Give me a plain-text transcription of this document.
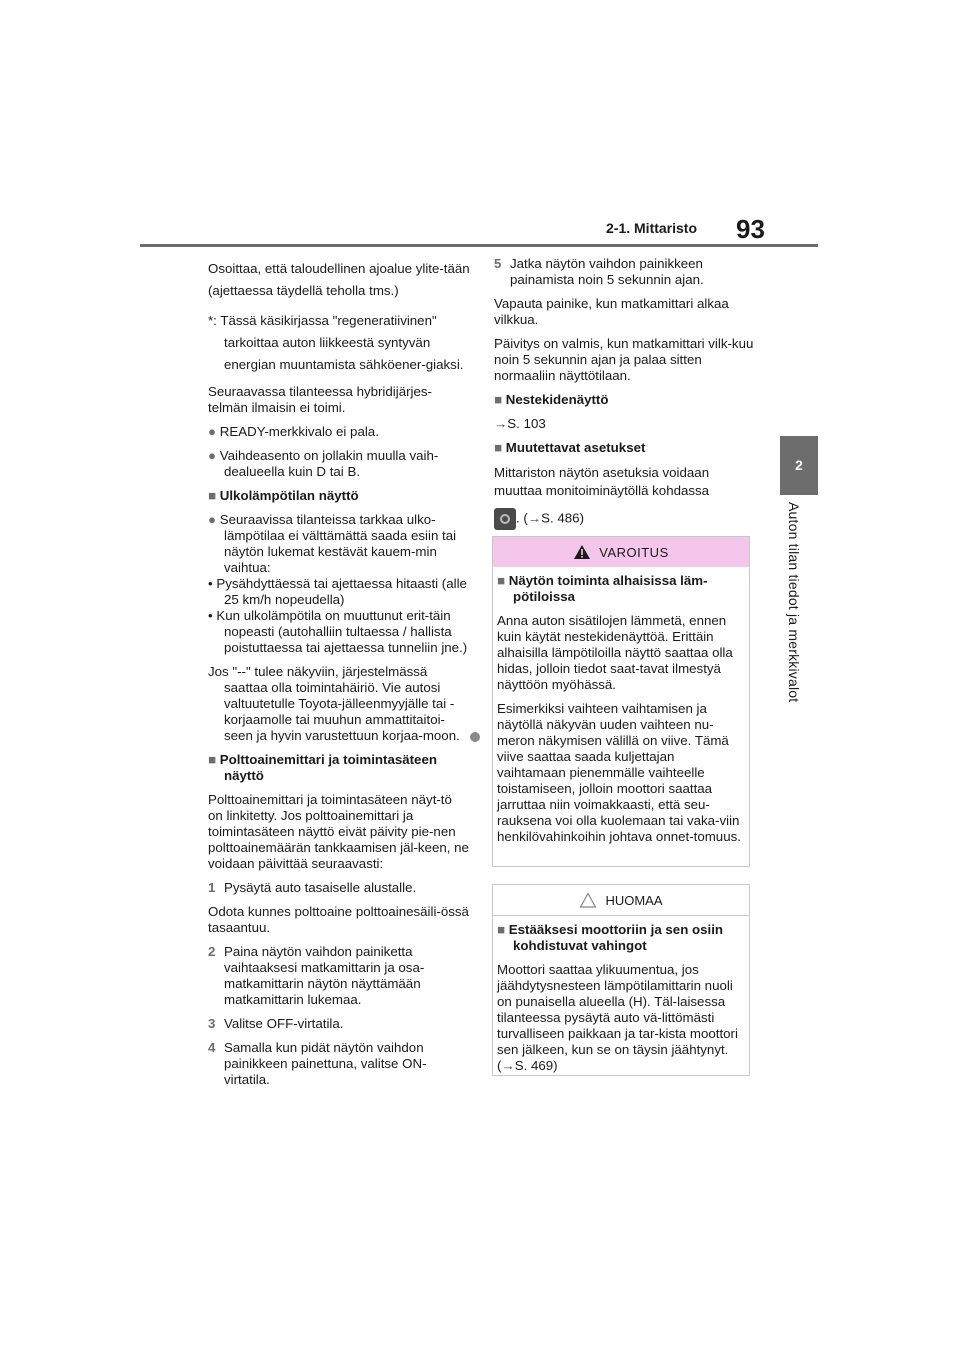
2-1. Mittaristo 93
2
Auton tilan tiedot ja merkkivalot

Osoittaa, että taloudellinen ajoalue ylite-tään (ajettaessa täydellä teholla tms.)

*: Tässä käsikirjassa "regeneratiivinen" tarkoittaa auton liikkeestä syntyvän energian muuntamista sähköener-giaksi.

Seuraavassa tilanteessa hybridijärjes-telmän ilmaisin ei toimi.

● READY-merkkivalo ei pala.

● Vaihdeasento on jollakin muulla vaih-dealueella kuin D tai B.

■ Ulkolämpötilan näyttö

● Seuraavissa tilanteissa tarkkaa ulko-lämpötilaa ei välttämättä saada esiin tai näytön lukemat kestävät kauem-min vaihtua:

• Pysähdyttäessä tai ajettaessa hitaasti (alle 25 km/h nopeudella)

• Kun ulkolämpötila on muuttunut erit-täin nopeasti (autohalliin tultaessa / hallista poistuttaessa tai ajettaessa tunneliin jne.)

Jos "--" tulee näkyviin, järjestelmässä saattaa olla toimintahäiriö. Vie autosi valtuutetulle Toyota-jälleenmyyjälle tai -korjaamolle tai muuhun ammattitaitoi-seen ja hyvin varustettuun korjaa-moon.

■ Polttoainemittari ja toimintasäteen näyttö

Polttoainemittari ja toimintasäteen näyt-tö on linkitetty. Jos polttoainemittari ja toimintasäteen näyttö eivät päivity pie-nen polttoainemäärän tankkaamisen jäl-keen, ne voidaan päivittää seuraavasti:

1 Pysäytä auto tasaiselle alustalle.

Odota kunnes polttoaine polttoainesäili-össä tasaantuu.

2 Paina näytön vaihdon painiketta vaihtaaksesi matkamittarin ja osa-matkamittarin näytön näyttämään matkamittarin lukemaa.

3 Valitse OFF-virtatila.

4 Samalla kun pidät näytön vaihdon painikkeen painettuna, valitse ON-virtatila.

5 Jatka näytön vaihdon painikkeen painamista noin 5 sekunnin ajan.

Vapauta painike, kun matkamittari alkaa vilkkua.

Päivitys on valmis, kun matkamittari vilk-kuu noin 5 sekunnin ajan ja palaa sitten normaaliin näyttötilaan.

■ Nestekidenäyttö

→S. 103

■ Muutettavat asetukset

Mittariston näytön asetuksia voidaan muuttaa monitoiminäytöllä kohdassa

. (→S. 486)

VAROITUS

■ Näytön toiminta alhaisissa läm-pötiloissa

Anna auton sisätilojen lämmetä, ennen kuin käytät nestekidenäyttöä. Erittäin alhaisilla lämpötiloilla näyttö saattaa olla hidas, jolloin tiedot saat-tavat ilmestyä näyttöön myöhässä.

Esimerkiksi vaihteen vaihtamisen ja näytöllä näkyvän uuden vaihteen nu-meron näkymisen välillä on viive. Tämä viive saattaa saada kuljettajan vaihtamaan pienemmälle vaihteelle toistamiseen, jolloin moottori saattaa jarruttaa niin voimakkaasti, että seu-rauksena voi olla kuolemaan tai vaka-viin henkilövahinkoihin johtava onnet-tomuus.

HUOMAA

■ Estääksesi moottoriin ja sen osiin kohdistuvat vahingot

Moottori saattaa ylikuumentua, jos jäähdytysnesteen lämpötilamittarin nuoli on punaisella alueella (H). Täl-laisessa tilanteessa pysäytä auto vä-littömästi turvalliseen paikkaan ja tar-kista moottori sen jälkeen, kun se on täysin jäähtynyt. (→S. 469)
